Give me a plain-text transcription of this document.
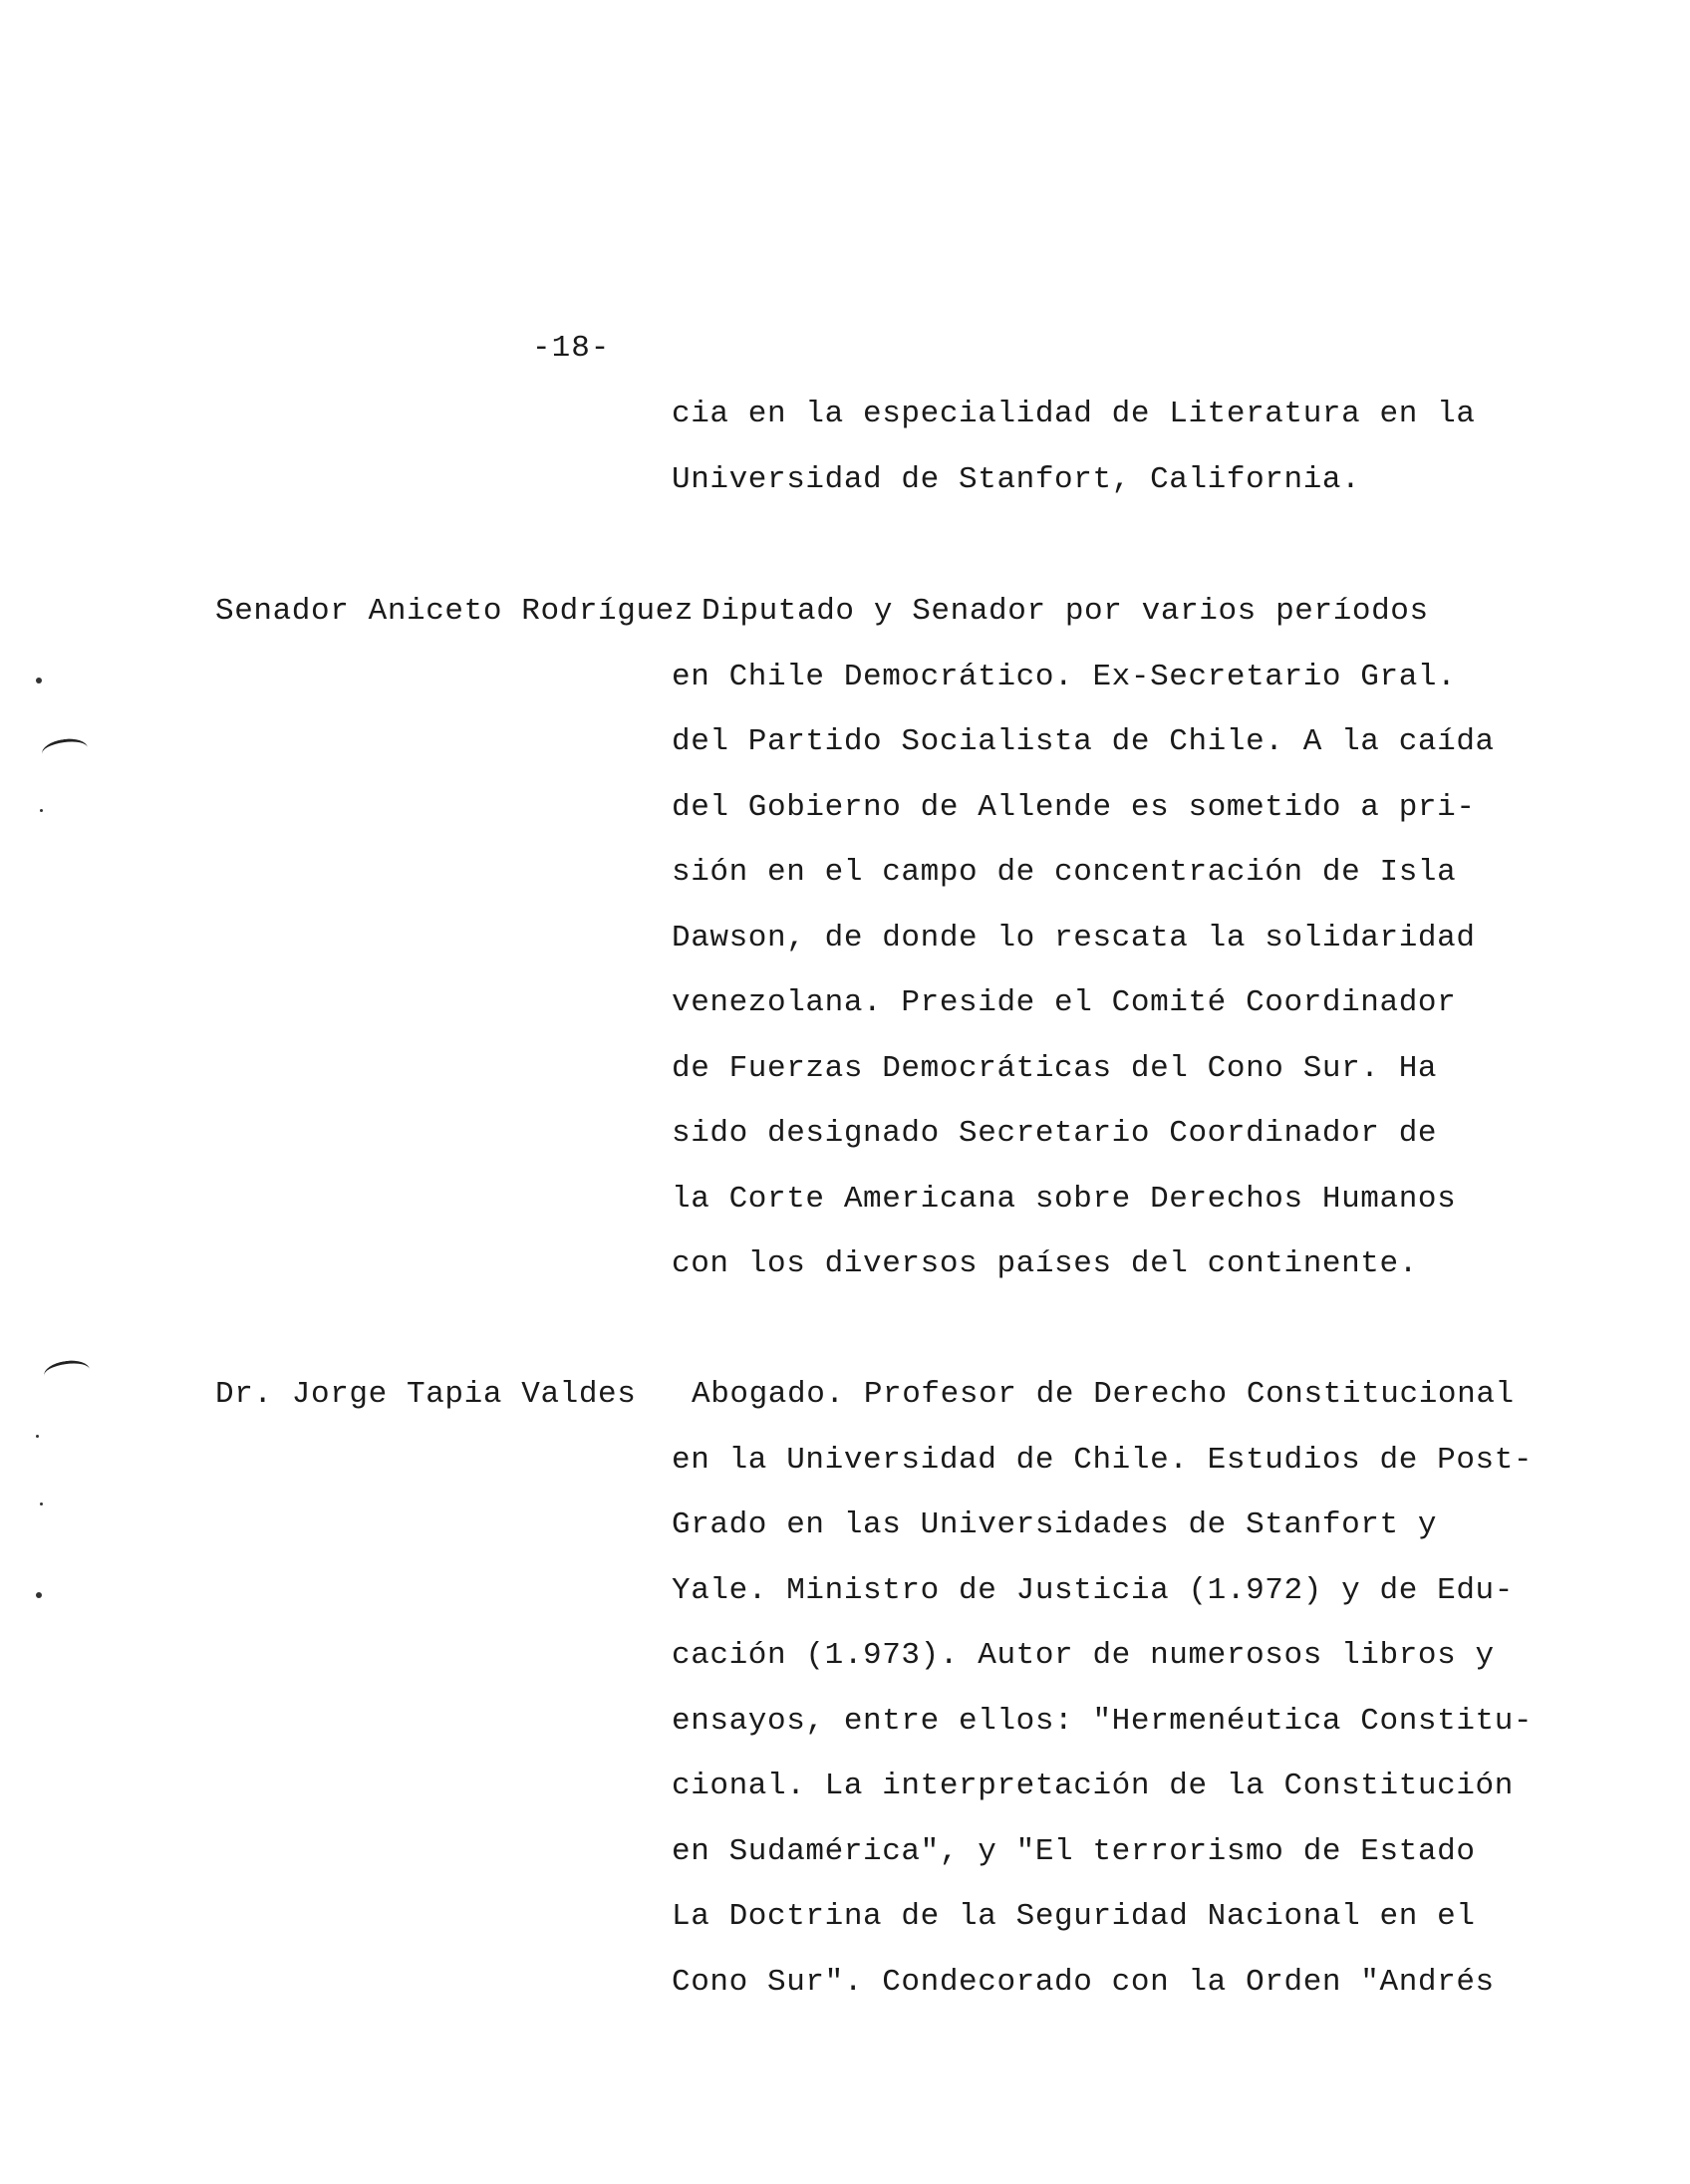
-18-
cia en la especialidad de Literatura en la
Universidad de Stanfort, California.
Senador Aniceto Rodríguez Diputado y Senador por varios períodos
en Chile Democrático. Ex-Secretario Gral.
del Partido Socialista de Chile. A la caída
del Gobierno de Allende es sometido a pri-
sión en el campo de concentración de Isla
Dawson, de donde lo rescata la solidaridad
venezolana. Preside el Comité Coordinador
de Fuerzas Democráticas del Cono Sur. Ha
sido designado Secretario Coordinador de
la Corte Americana sobre Derechos Humanos
con los diversos países del continente.
Dr. Jorge Tapia Valdes Abogado. Profesor de Derecho Constitucional
en la Universidad de Chile. Estudios de Post-
Grado en las Universidades de Stanfort y
Yale. Ministro de Justicia (1.972) y de Edu-
cación (1.973). Autor de numerosos libros y
ensayos, entre ellos: "Hermenéutica Constitu-
cional. La interpretación de la Constitución
en Sudamérica", y "El terrorismo de Estado
La Doctrina de la Seguridad Nacional en el
Cono Sur". Condecorado con la Orden "Andrés
